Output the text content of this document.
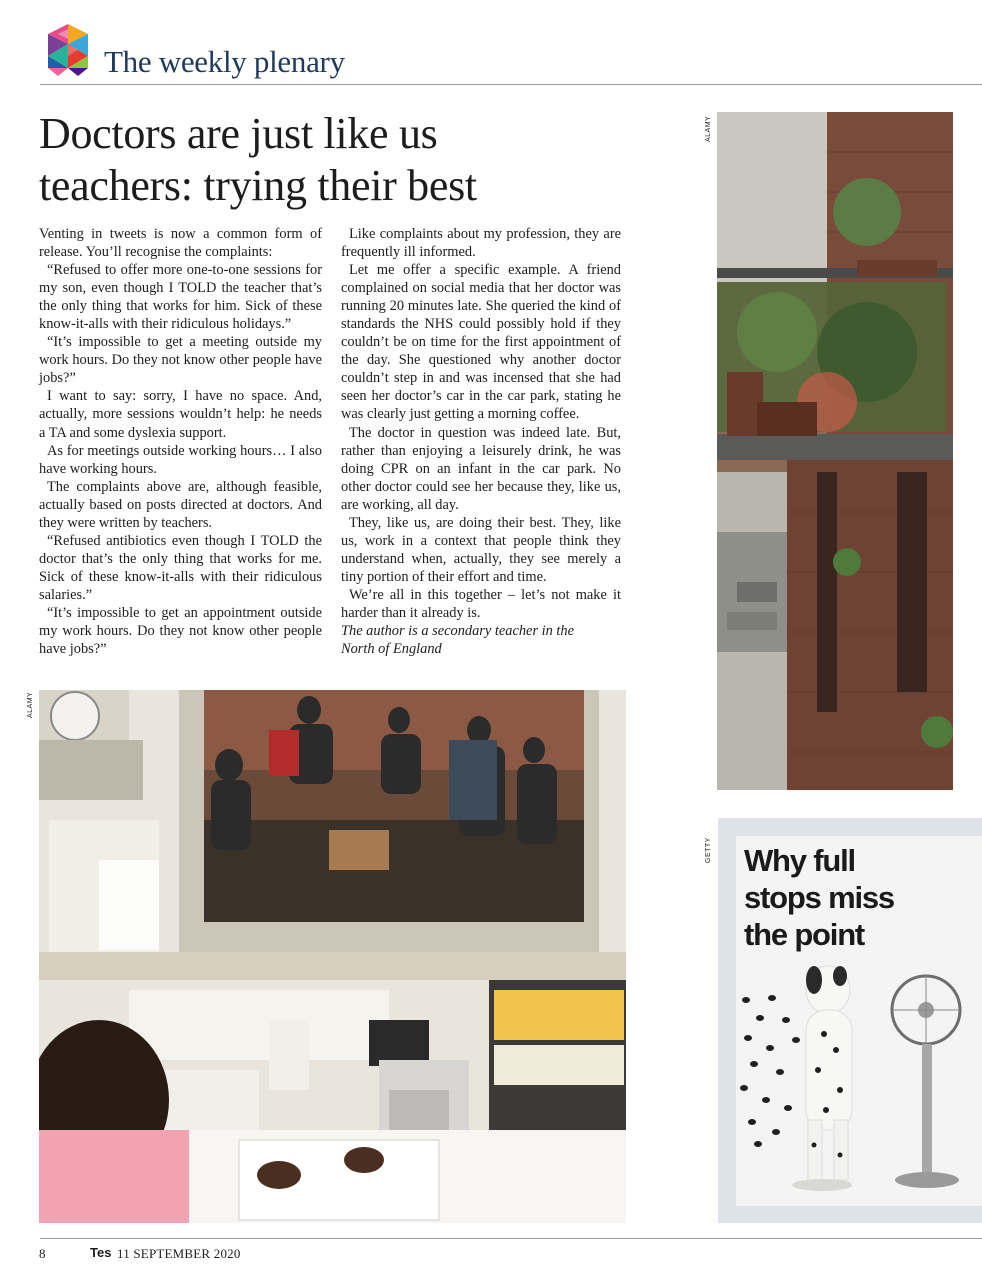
The weekly plenary
Doctors are just like us
teachers: trying their best

Venting in tweets is now a common form of release. You’ll recognise the complaints:

“Refused to offer more one-to-one sessions for my son, even though I TOLD the teacher that’s the only thing that works for him. Sick of these know-it-alls with their ridiculous holidays.”

“It’s impossible to get a meeting outside my work hours. Do they not know other people have jobs?”

I want to say: sorry, I have no space. And, actually, more sessions wouldn’t help: he needs a TA and some dyslexia support.

As for meetings outside working hours… I also have working hours.

The complaints above are, although feasible, actually based on posts directed at doctors. And they were written by teachers.

“Refused antibiotics even though I TOLD the doctor that’s the only thing that works for me. Sick of these know-it-alls with their ridiculous salaries.”

“It’s impossible to get an appointment outside my work hours. Do they not know other people have jobs?”

Like complaints about my profession, they are frequently ill informed.

Let me offer a specific example. A friend complained on social media that her doctor was running 20 minutes late. She queried the kind of standards the NHS could possibly hold if they couldn’t be on time for the first appointment of the day. She questioned why another doctor couldn’t step in and was incensed that she had seen her doctor’s car in the car park, stating he was clearly just getting a morning coffee.

The doctor in question was indeed late. But, rather than enjoying a leisurely drink, he was doing CPR on an infant in the car park. No other doctor could see her because they, like us, are working, all day.

They, like us, are doing their best. They, like us, work in a context that people think they understand when, actually, they see merely a tiny portion of their effort and time.

We’re all in this together – let’s not make it harder than it already is.

The author is a secondary teacher in the
North of England

ALAMY
ALAMY
GETTY Why full
stops miss
the point
8	Tes 11 SEPTEMBER 2020
